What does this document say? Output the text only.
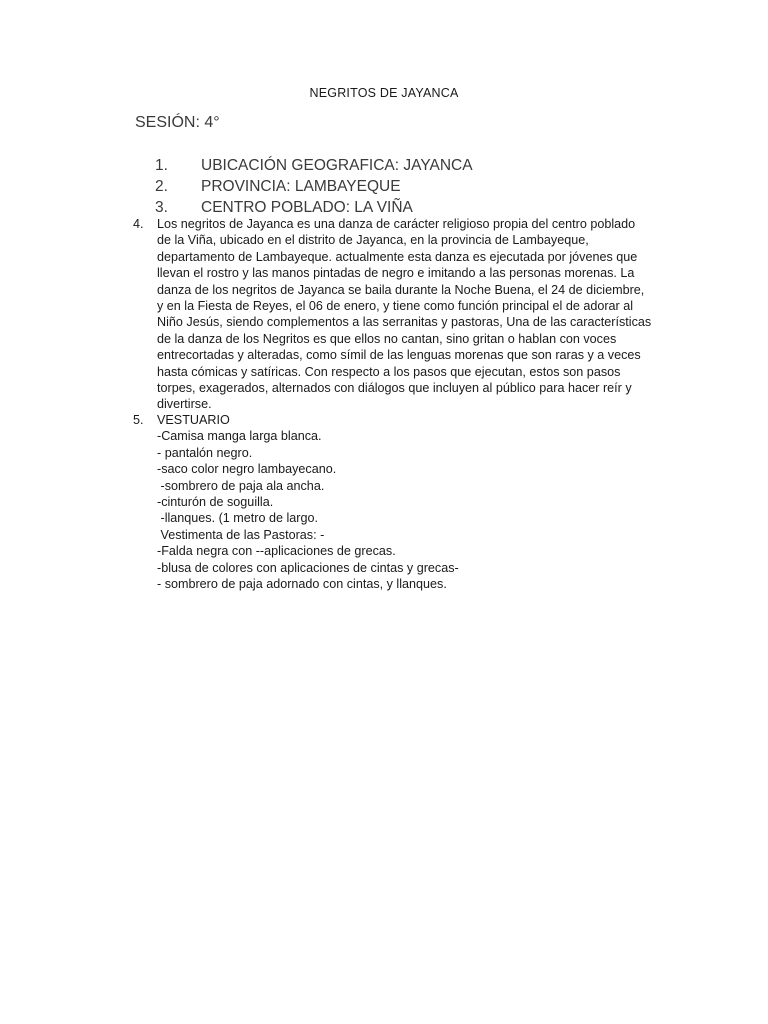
NEGRITOS DE JAYANCA
SESIÓN: 4°
1. UBICACIÓN GEOGRAFICA: JAYANCA
2. PROVINCIA: LAMBAYEQUE
3. CENTRO POBLADO: LA VIÑA
4. Los negritos de Jayanca es una danza de carácter religioso propia del centro poblado
de la Viña, ubicado en el distrito de Jayanca, en la provincia de Lambayeque,
departamento de Lambayeque. actualmente esta danza es ejecutada por jóvenes que
llevan el rostro y las manos pintadas de negro e imitando a las personas morenas. La
danza de los negritos de Jayanca se baila durante la Noche Buena, el 24 de diciembre,
y en la Fiesta de Reyes, el 06 de enero, y tiene como función principal el de adorar al
Niño Jesús, siendo complementos a las serranitas y pastoras, Una de las características
de la danza de los Negritos es que ellos no cantan, sino gritan o hablan con voces
entrecortadas y alteradas, como símil de las lenguas morenas que son raras y a veces
hasta cómicas y satíricas. Con respecto a los pasos que ejecutan, estos son pasos
torpes, exagerados, alternados con diálogos que incluyen al público para hacer reír y
divertirse.
5. VESTUARIO
-Camisa manga larga blanca.
- pantalón negro.
-saco color negro lambayecano.
-sombrero de paja ala ancha.
-cinturón de soguilla.
-llanques. (1 metro de largo.
Vestimenta de las Pastoras: -
-Falda negra con --aplicaciones de grecas.
-blusa de colores con aplicaciones de cintas y grecas-
- sombrero de paja adornado con cintas, y llanques.
